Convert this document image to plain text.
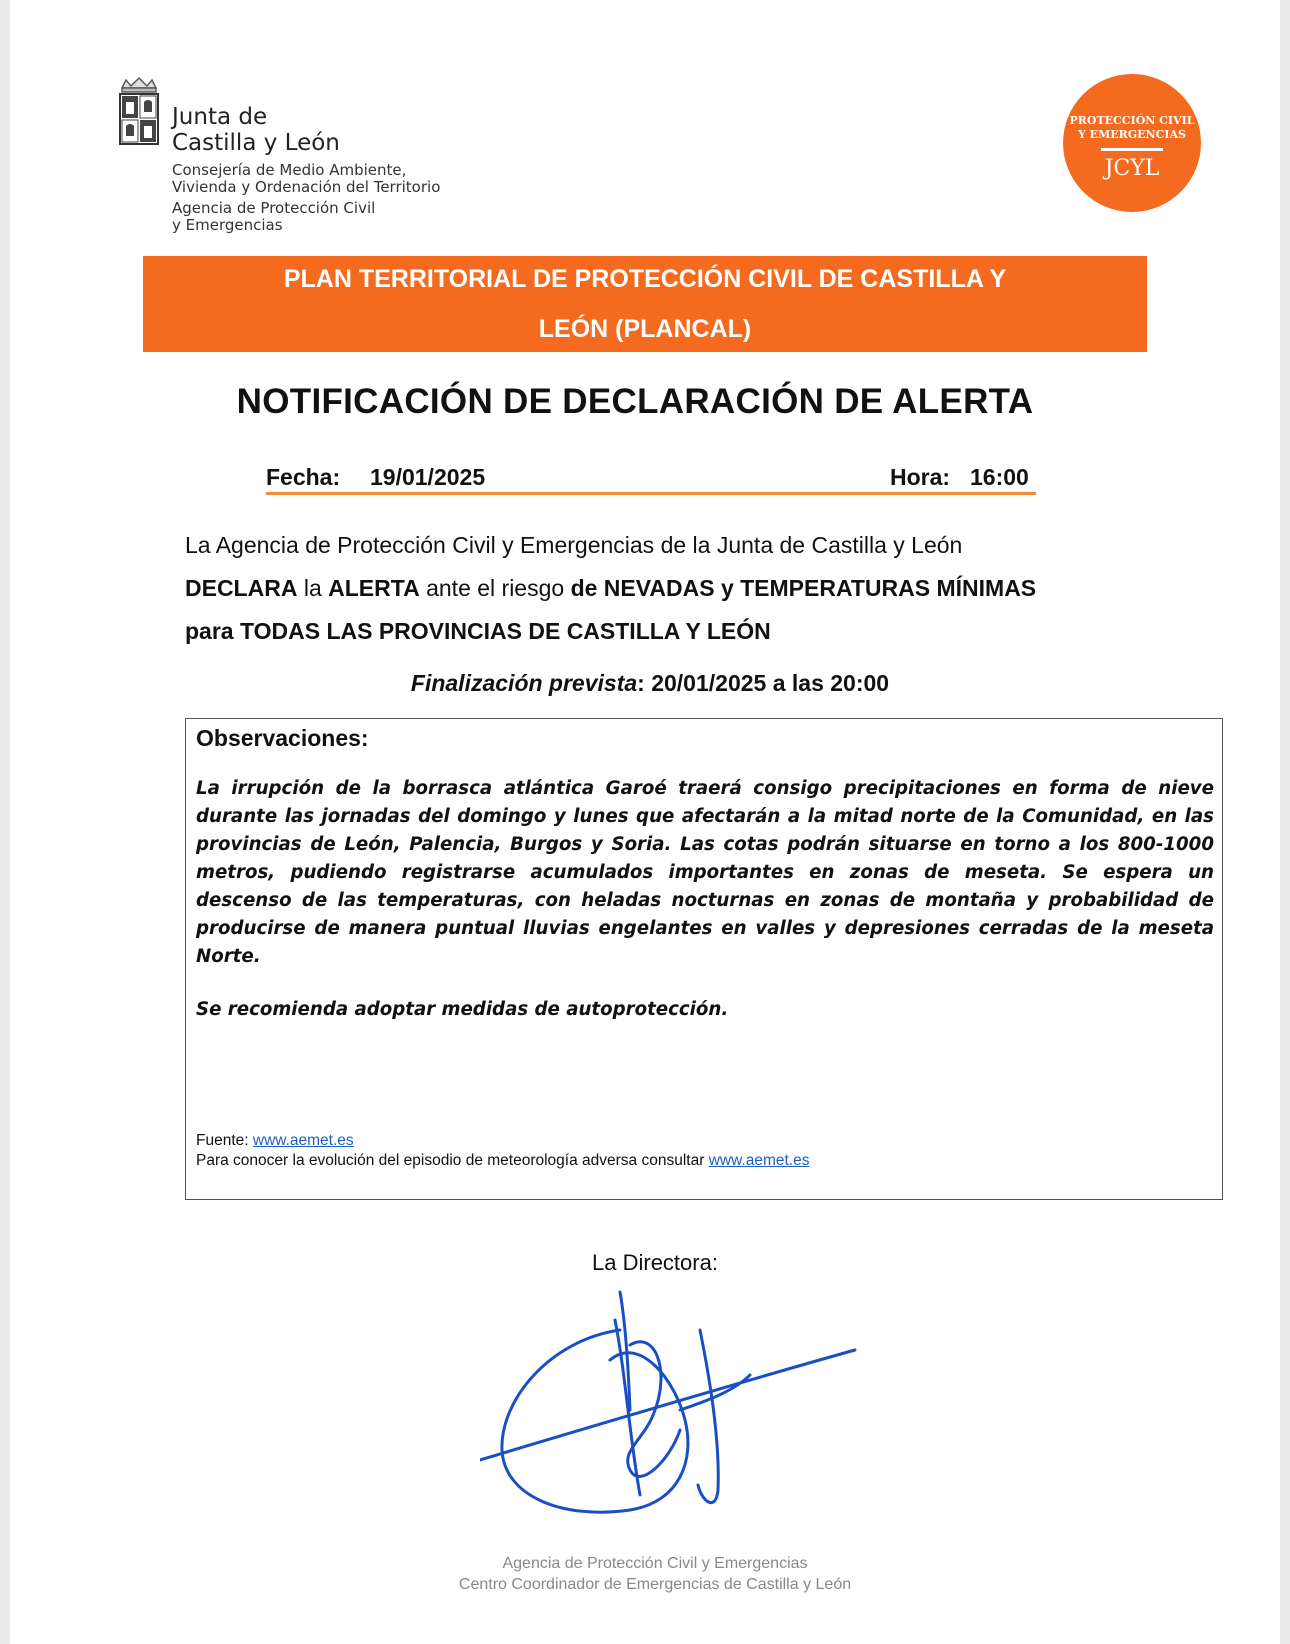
Junta de
Castilla y León
Consejería de Medio Ambiente,
Vivienda y Ordenación del Territorio
Agencia de Protección Civil
y Emergencias
PROTECCIÓN CIVIL
Y EMERGENCIAS
JCYL
PLAN TERRITORIAL DE PROTECCIÓN CIVIL DE CASTILLA Y
LEÓN (PLANCAL)
NOTIFICACIÓN DE DECLARACIÓN DE ALERTA
Fecha: 19/01/2025	Hora: 16:00
La Agencia de Protección Civil y Emergencias de la Junta de Castilla y León
DECLARA la ALERTA ante el riesgo de NEVADAS y TEMPERATURAS MÍNIMAS
para TODAS LAS PROVINCIAS DE CASTILLA Y LEÓN
Finalización prevista: 20/01/2025 a las 20:00
Observaciones:
La irrupción de la borrasca atlántica Garoé traerá consigo precipitaciones en forma de nieve durante las jornadas del domingo y lunes que afectarán a la mitad norte de la Comunidad, en las provincias de León, Palencia, Burgos y Soria. Las cotas podrán situarse en torno a los 800-1000 metros, pudiendo registrarse acumulados importantes en zonas de meseta. Se espera un descenso de las temperaturas, con heladas nocturnas en zonas de montaña y probabilidad de producirse de manera puntual lluvias engelantes en valles y depresiones cerradas de la meseta Norte.
Se recomienda adoptar medidas de autoprotección.
Fuente: www.aemet.es
Para conocer la evolución del episodio de meteorología adversa consultar www.aemet.es
La Directora:
Agencia de Protección Civil y Emergencias
Centro Coordinador de Emergencias de Castilla y León
